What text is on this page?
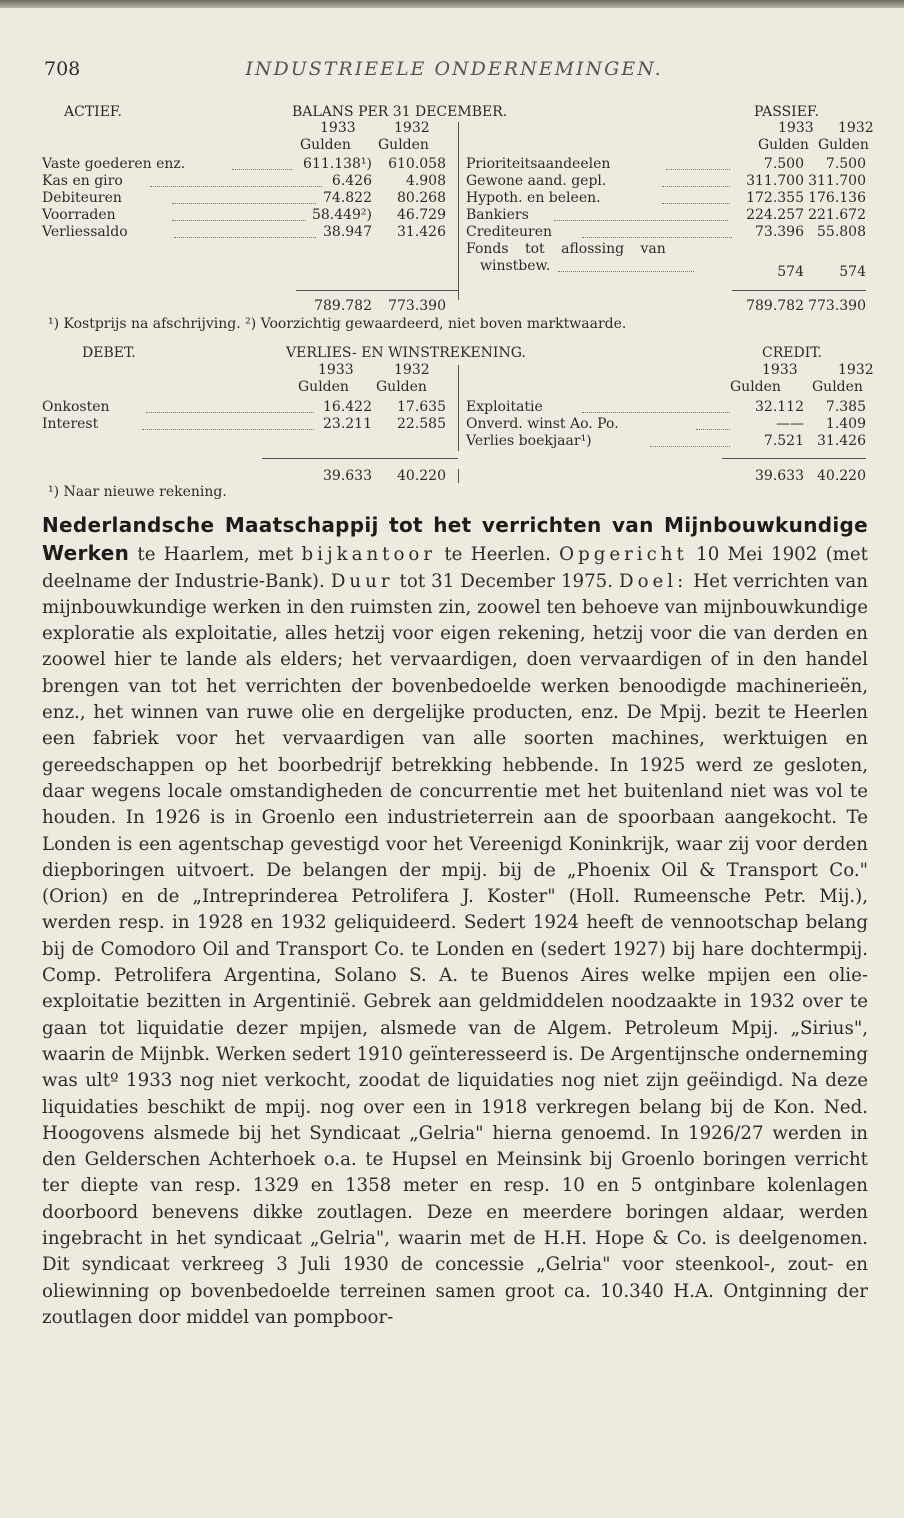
708	INDUSTRIEELE ONDERNEMINGEN.
ACTIEF.	BALANS PER 31 DECEMBER.	PASSIEF.
1933	1932	1933 1932
Gulden Gulden	Gulden Gulden
Vaste goederen enz.	611.138¹)	610.058
Kas en giro	6.426	4.908
Debiteuren	74.822	80.268
Voorraden	58.449²)	46.729
Verliessaldo	38.947	31.426
Prioriteitsaandeelen	7.500	7.500
Gewone aand. gepl.	311.700 311.700
Hypoth. en beleen.	172.355 176.136
Bankiers	224.257 221.672
Crediteuren	73.396 55.808
Fonds tot aflossing van
winstbew.	574	574
789.782	773.390	789.782 773.390
¹) Kostprijs na afschrijving. ²) Voorzichtig gewaardeerd, niet boven marktwaarde.
DEBET.	VERLIES- EN WINSTREKENING.	CREDIT.
1933	1932	1933	1932
Gulden Gulden	Gulden Gulden
Onkosten	16.422	17.635
Interest	23.211	22.585
Exploitatie	32.112	7.385
Onverd. winst Ao. Po.	——	1.409
Verlies boekjaar¹)	7.521 31.426
39.633	40.220	39.633 40.220
¹) Naar nieuwe rekening.
Nederlandsche Maatschappij tot het verrichten van Mijnbouwkundige Werken te Haarlem, met bijkantoor te Heerlen. Opgericht 10 Mei 1902 (met deelname der Industrie-Bank). Duur tot 31 December 1975. Doel: Het verrichten van mijnbouwkundige werken in den ruimsten zin, zoowel ten behoeve van mijnbouwkundige exploratie als exploitatie, alles hetzij voor eigen rekening, hetzij voor die van derden en zoowel hier te lande als elders; het vervaardigen, doen vervaardigen of in den handel brengen van tot het verrichten der bovenbedoelde werken benoodigde machinerieën, enz., het winnen van ruwe olie en dergelijke producten, enz. De Mpij. bezit te Heerlen een fabriek voor het vervaardigen van alle soorten machines, werktuigen en gereedschappen op het boorbedrijf betrekking hebbende. In 1925 werd ze gesloten, daar wegens locale omstandigheden de concurrentie met het buitenland niet was vol te houden. In 1926 is in Groenlo een industrieterrein aan de spoorbaan aangekocht. Te Londen is een agentschap gevestigd voor het Vereenigd Koninkrijk, waar zij voor derden diepboringen uitvoert. De belangen der mpij. bij de „Phoenix Oil & Transport Co." (Orion) en de „Intreprinderea Petrolifera J. Koster" (Holl. Rumeensche Petr. Mij.), werden resp. in 1928 en 1932 geliquideerd. Sedert 1924 heeft de vennootschap belang bij de Comodoro Oil and Transport Co. te Londen en (sedert 1927) bij hare dochtermpij. Comp. Petrolifera Argentina, Solano S. A. te Buenos Aires welke mpijen een olie-exploitatie bezitten in Argentinië. Gebrek aan geldmiddelen noodzaakte in 1932 over te gaan tot liquidatie dezer mpijen, alsmede van de Algem. Petroleum Mpij. „Sirius", waarin de Mijnbk. Werken sedert 1910 geïnteresseerd is. De Argentijnsche onderneming was ultº 1933 nog niet verkocht, zoodat de liquidaties nog niet zijn geëindigd. Na deze liquidaties beschikt de mpij. nog over een in 1918 verkregen belang bij de Kon. Ned. Hoogovens alsmede bij het Syndicaat „Gelria" hierna genoemd. In 1926/27 werden in den Gelderschen Achterhoek o.a. te Hupsel en Meinsink bij Groenlo boringen verricht ter diepte van resp. 1329 en 1358 meter en resp. 10 en 5 ontginbare kolenlagen doorboord benevens dikke zoutlagen. Deze en meerdere boringen aldaar, werden ingebracht in het syndicaat „Gelria", waarin met de H.H. Hope & Co. is deelgenomen. Dit syndicaat verkreeg 3 Juli 1930 de concessie „Gelria" voor steenkool-, zout- en oliewinning op bovenbedoelde terreinen samen groot ca. 10.340 H.A. Ontginning der zoutlagen door middel van pompboor-
